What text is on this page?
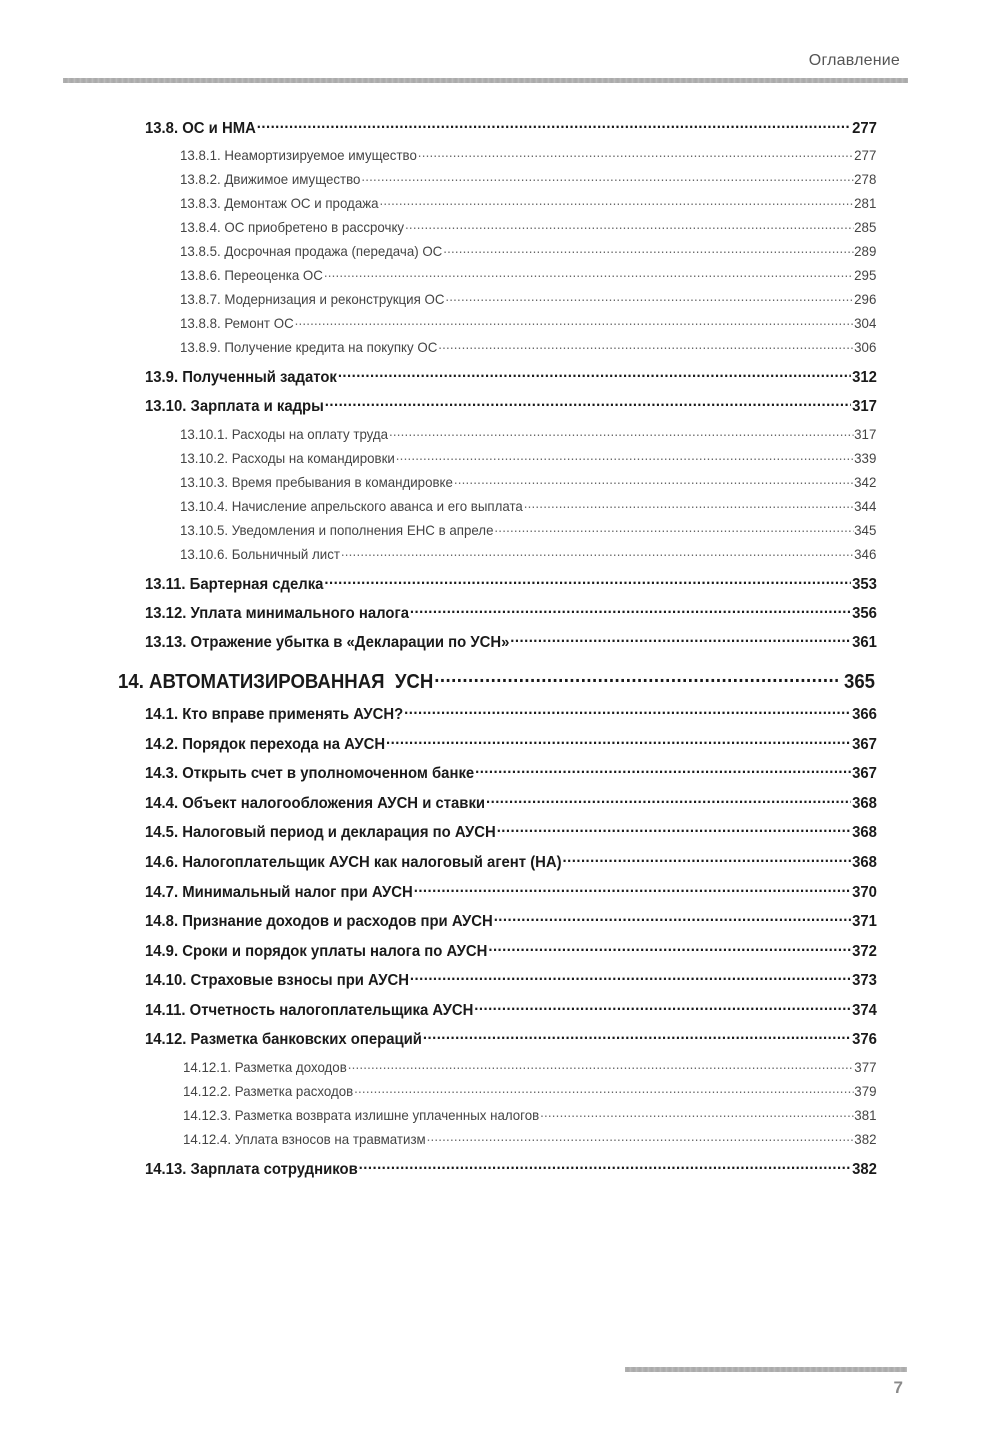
Оглавление
13.8. ОС и НМА .....	277
13.8.1. Неамортизируемое имущество .....	277
13.8.2. Движимое имущество .....	278
13.8.3. Демонтаж ОС и продажа .....	281
13.8.4. ОС приобретено в рассрочку .....	285
13.8.5. Досрочная продажа (передача) ОС .....	289
13.8.6. Переоценка ОС .....	295
13.8.7. Модернизация и реконструкция ОС .....	296
13.8.8. Ремонт ОС .....	304
13.8.9. Получение кредита на покупку ОС .....	306
13.9. Полученный задаток .....	312
13.10. Зарплата и кадры .....	317
13.10.1. Расходы на оплату труда .....	317
13.10.2. Расходы на командировки .....	339
13.10.3. Время пребывания в командировке .....	342
13.10.4. Начисление апрельского аванса и его выплата .....	344
13.10.5. Уведомления и пополнения ЕНС в апреле .....	345
13.10.6. Больничный лист .....	346
13.11. Бартерная сделка .....	353
13.12. Уплата минимального налога .....	356
13.13. Отражение убытка в «Декларации по УСН» .....	361
14. АВТОМАТИЗИРОВАННАЯ  УСН .....	365
14.1. Кто вправе применять АУСН? .....	366
14.2. Порядок перехода на АУСН .....	367
14.3. Открыть счет в уполномоченном банке .....	367
14.4. Объект налогообложения АУСН и ставки .....	368
14.5. Налоговый период и декларация по АУСН .....	368
14.6. Налогоплательщик АУСН как налоговый агент (НА) .....	368
14.7. Минимальный налог при АУСН .....	370
14.8. Признание доходов и расходов при АУСН .....	371
14.9. Сроки и порядок уплаты налога по АУСН .....	372
14.10. Страховые взносы при АУСН .....	373
14.11. Отчетность налогоплательщика АУСН .....	374
14.12. Разметка банковских операций .....	376
14.12.1. Разметка доходов .....	377
14.12.2. Разметка расходов .....	379
14.12.3. Разметка возврата излишне уплаченных налогов .....	381
14.12.4. Уплата взносов на травматизм .....	382
14.13. Зарплата сотрудников .....	382
7
